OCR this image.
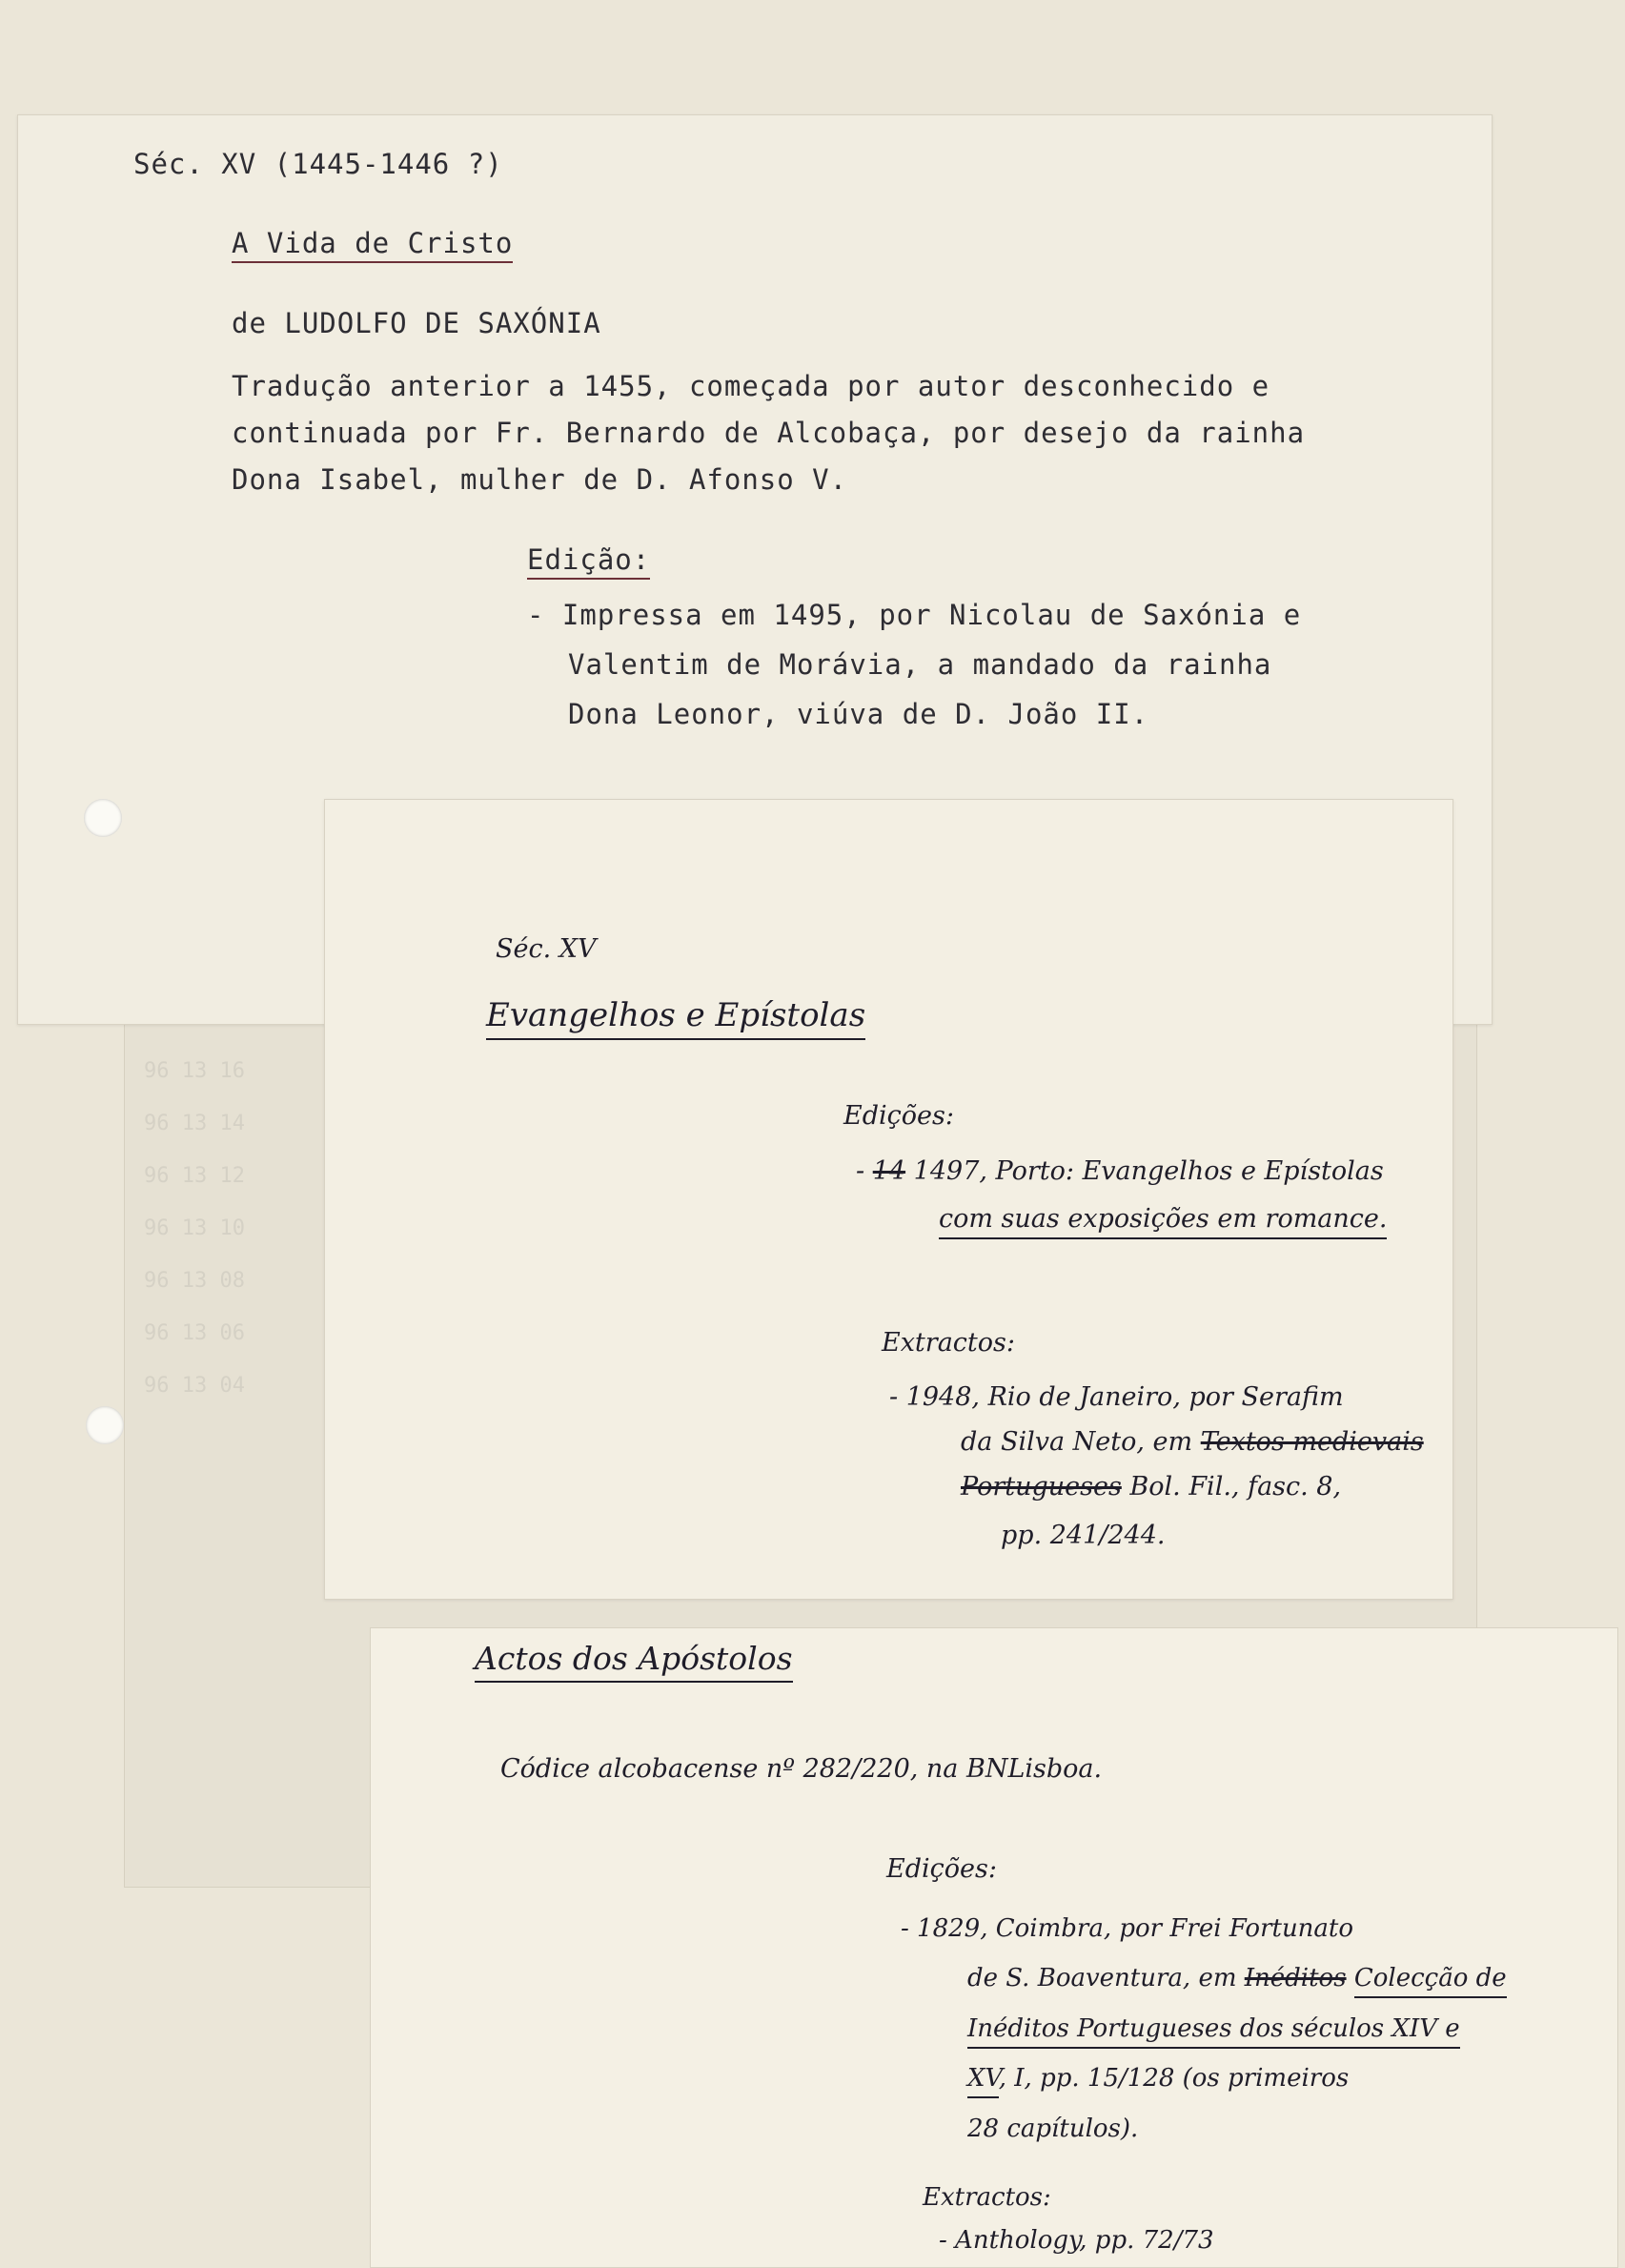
96 13 16
96 13 14
96 13 12
96 13 10
96 13 08
96 13 06
96 13 04
Séc. XV (1445-1446 ?)
A Vida de Cristo
de LUDOLFO DE SAXÓNIA
Tradução anterior a 1455, começada por autor desconhecido e
continuada por Fr. Bernardo de Alcobaça, por desejo da rainha
Dona Isabel, mulher de D. Afonso V.
Edição:
- Impressa em 1495, por Nicolau de Saxónia e
Valentim de Morávia, a mandado da rainha
Dona Leonor, viúva de D. João II.
Séc. XV
Evangelhos e Epístolas
Edições:
- 14 1497, Porto: Evangelhos e Epístolas
com suas exposições em romance.
Extractos:
- 1948, Rio de Janeiro, por Serafim
da Silva Neto, em Textos medievais
Portugueses Bol. Fil., fasc. 8,
pp. 241/244.
Actos dos Apóstolos
Códice alcobacense nº 282/220, na BNLisboa.
Edições:
- 1829, Coimbra, por Frei Fortunato
de S. Boaventura, em Inéditos Colecção de
Inéditos Portugueses dos séculos XIV e
XV, I, pp. 15/128 (os primeiros
28 capítulos).
Extractos:
- Anthology, pp. 72/73
